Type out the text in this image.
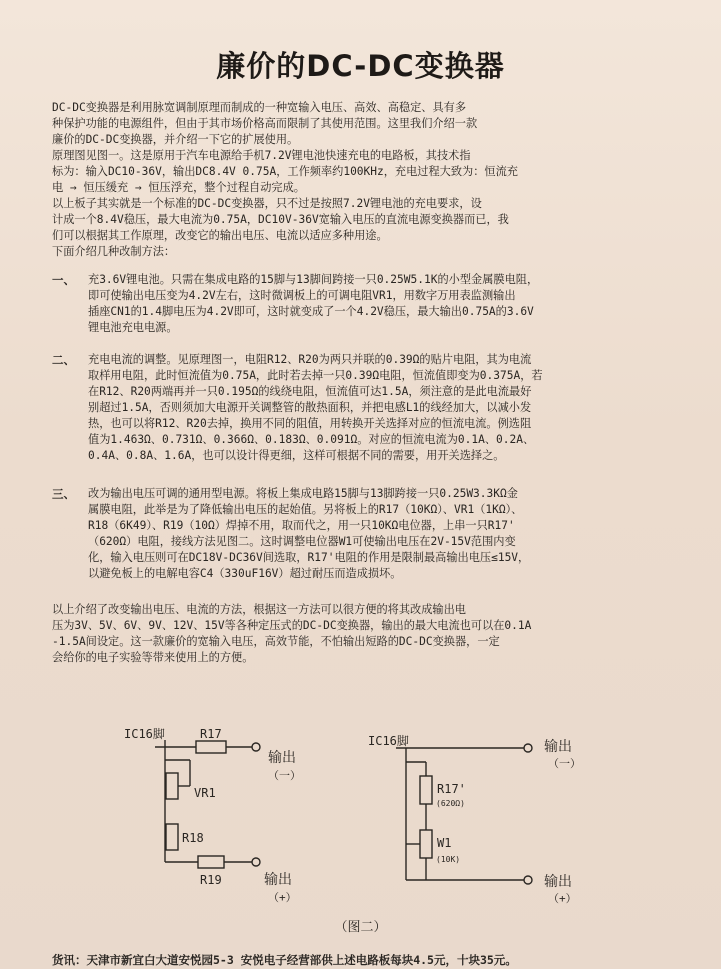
廉价的DC-DC变换器
DC-DC变换器是利用脉宽调制原理而制成的一种宽输入电压、高效、高稳定、具有多
种保护功能的电源组件，但由于其市场价格高而限制了其使用范围。这里我们介绍一款
廉价的DC-DC变换器，并介绍一下它的扩展使用。
原理图见图一。这是原用于汽车电源给手机7.2V锂电池快速充电的电路板，其技术指
标为：输入DC10-36V，输出DC8.4V 0.75A，工作频率约100KHz，充电过程大致为：恒流充
电 → 恒压缓充 → 恒压浮充，整个过程自动完成。
以上板子其实就是一个标准的DC-DC变换器，只不过是按照7.2V锂电池的充电要求，设
计成一个8.4V稳压，最大电流为0.75A，DC10V-36V宽输入电压的直流电源变换器而已，我
们可以根据其工作原理，改变它的输出电压、电流以适应多种用途。
下面介绍几种改制方法：
一、 充3.6V锂电池。只需在集成电路的15脚与13脚间跨接一只0.25W5.1K的小型金属膜电阻，
即可使输出电压变为4.2V左右，这时微调板上的可调电阻VR1，用数字万用表监测输出
插座CN1的1.4脚电压为4.2V即可，这时就变成了一个4.2V稳压，最大输出0.75A的3.6V
锂电池充电电源。
二、 充电电流的调整。见原理图一，电阻R12、R20为两只并联的0.39Ω的贴片电阻，其为电流
取样用电阻，此时恒流值为0.75A，此时若去掉一只0.39Ω电阻，恒流值即变为0.375A，若
在R12、R20两端再并一只0.195Ω的线绕电阻，恒流值可达1.5A，须注意的是此电流最好
别超过1.5A，否则须加大电源开关调整管的散热面积，并把电感L1的线经加大，以减小发
热，也可以将R12、R20去掉，换用不同的阻值，用转换开关选择对应的恒流电流。例选阻
值为1.463Ω、0.731Ω、0.366Ω、0.183Ω、0.091Ω。对应的恒流电流为0.1A、0.2A、
0.4A、0.8A、1.6A，也可以设计得更细，这样可根据不同的需要，用开关选择之。
三、 改为输出电压可调的通用型电源。将板上集成电路15脚与13脚跨接一只0.25W3.3KΩ金
属膜电阻，此举是为了降低输出电压的起始值。另将板上的R17（10KΩ）、VR1（1KΩ）、
R18（6K49）、R19（10Ω）焊掉不用，取而代之，用一只10KΩ电位器，上串一只R17'
（620Ω）电阻，接线方法见图二。这时调整电位器W1可使输出电压在2V-15V范围内变
化，输入电压则可在DC18V-DC36V间选取，R17'电阻的作用是限制最高输出电压≤15V，
以避免板上的电解电容C4（330uF16V）超过耐压而造成损坏。
以上介绍了改变输出电压、电流的方法，根据这一方法可以很方便的将其改成输出电
压为3V、5V、6V、9V、12V、15V等各种定压式的DC-DC变换器，输出的最大电流也可以在0.1A
-1.5A间设定。这一款廉价的宽输入电压，高效节能，不怕输出短路的DC-DC变换器，一定
会给你的电子实验等带来使用上的方便。
IC16脚	R17
VR1
R18
R19
输出
（一）
输出
（+）
IC16脚
R17'
(620Ω)
W1
(10K)
输出
（一）
输出
（+）
（图二）
货讯：天津市新宜白大道安悦园5-3 安悦电子经营部供上述电路板每块4.5元，十块35元。
